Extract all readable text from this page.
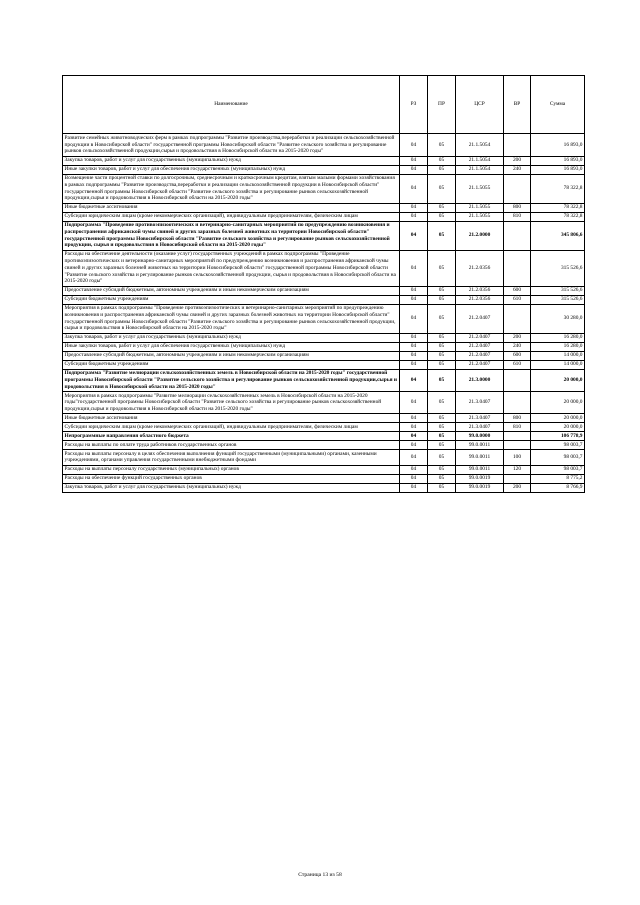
Наименование	РЗ	ПР	ЦСР	ВР	Сумма
Развитие семейных животноводческих ферм в рамках подпрограммы "Развитие производства,переработки и реализации сельскохозяйственной продукции в Новосибирской области" государственной программы Новосибирской области "Развитие сельского хозяйства и регулирование рынков сельскохозяйственной продукции,сырья и продовольствия в Новосибирской области на 2015-2020 годы"	04	05	21.1.5054		16 893,0
Закупка товаров, работ и услуг для государственных (муниципальных) нужд	04	05	21.1.5054	200	16 893,0
Иные закупки товаров, работ и услуг для обеспечения государственных (муниципальных) нужд	04	05	21.1.5054	240	16 893,0
Возмещение части процентной ставки по долгосрочным, среднесрочным и краткосрочным кредитам, взятым малыми формами хозяйствования в рамках подпрограммы "Развитие производства,переработки и реализации сельскохозяйственной продукции в Новосибирской области" государственной программы Новосибирской области "Развитие сельского хозяйства и регулирование рынков сельскохозяйственной продукции,сырья и продовольствия в Новосибирской области на 2015-2020 годы"	04	05	21.1.5055		78 322,8
Иные бюджетные ассигнования	04	05	21.1.5055	800	78 322,8
Субсидии юридическим лицам (кроме некоммерческих организаций), индивидуальным предпринимателям, физическим лицам	04	05	21.1.5055	810	78 322,8
Подпрограмма "Проведение противоэпизоотических и ветеринарно-санитарных мероприятий по предупреждению возникновения и распространения африканской чумы свиней и других заразных болезней животных на территории Новосибирской области" государственной программы Новосибирской области "Развитие сельского хозяйства и регулирование рынков сельскохозяйственной продукции, сырья и продовольствия в Новосибирской области на 2015-2020 годы"	04	05	21.2.0000		345 806,6
Расходы на обеспечение деятельности (оказание услуг) государственных учреждений в рамках подпрограммы "Проведение противоэпизоотических и ветеринарно-санитарных мероприятий по предупреждению возникновения и распространения африканской чумы свиней и других заразных болезней животных на территории Новосибирской области" государственной программы Новосибирской области "Развитие сельского хозяйства и регулирование рынков сельскохозяйственной продукции, сырья и продовольствия в Новосибирской области на 2015-2020 годы"	04	05	21.2.0356		315 526,6
Предоставление субсидий бюджетным, автономным учреждениям и иным некоммерческим организациям	04	05	21.2.0356	600	315 526,6
Субсидии бюджетным учреждениям	04	05	21.2.0356	610	315 526,6
Мероприятия в рамках подпрограммы "Проведение противоэпизоотических и ветеринарно-санитарных мероприятий по предупреждению возникновения и распространения африканской чумы свиней и других заразных болезней животных на территории Новосибирской области" государственной программы Новосибирской области "Развитие сельского хозяйства и регулирование рынков сельскохозяйственной продукции, сырья и продовольствия в Новосибирской области на 2015-2020 годы"	04	05	21.2.0407		30 280,0
Закупка товаров, работ и услуг для государственных (муниципальных) нужд	04	05	21.2.0407	200	16 280,0
Иные закупки товаров, работ и услуг для обеспечения государственных (муниципальных) нужд	04	05	21.2.0407	240	16 280,0
Предоставление субсидий бюджетным, автономным учреждениям и иным некоммерческим организациям	04	05	21.2.0407	600	14 000,0
Субсидии бюджетным учреждениям	04	05	21.2.0407	610	14 000,0
Подпрограмма "Развитие мелиорации сельскохозяйственных земель в Новосибирской области на 2015-2020 годы" государственной программы Новосибирской области "Развитие сельского хозяйства и регулирование рынков сельскохозяйственной продукции,сырья и продовольствия в Новосибирской области на 2015-2020 годы"	04	05	21.3.0000		20 000,0
Мероприятия в рамках подпрограммы "Развитие мелиорации сельскохозяйственных земель в Новосибирской области на 2015-2020 годы"государственной программы Новосибирской области "Развитие сельского хозяйства и регулирование рынков сельскохозяйственной продукции,сырья и продовольствия в Новосибирской области на 2015-2020 годы"	04	05	21.3.0407		20 000,0
Иные бюджетные ассигнования	04	05	21.3.0407	800	20 000,0
Субсидии юридическим лицам (кроме некоммерческих организаций), индивидуальным предпринимателям, физическим лицам	04	05	21.3.0407	810	20 000,0
Непрограммные направления областного бюджета	04	05	99.0.0000		106 778,9
Расходы на выплаты по оплате труда работников государственных органов	04	05	99.0.0011		98 003,7
Расходы на выплаты персоналу в целях обеспечения выполнения функций государственными (муниципальными) органами, казенными учреждениями, органами управления государственными внебюджетными фондами	04	05	99.0.0011	100	98 003,7
Расходы на выплаты персоналу государственных (муниципальных) органов	04	05	99.0.0011	120	98 003,7
Расходы на обеспечение функций государственных органов	04	05	99.0.0019		8 775,2
Закупка товаров, работ и услуг для государственных (муниципальных) нужд	04	05	99.0.0019	200	8 766,9
Страница 13 из 58
